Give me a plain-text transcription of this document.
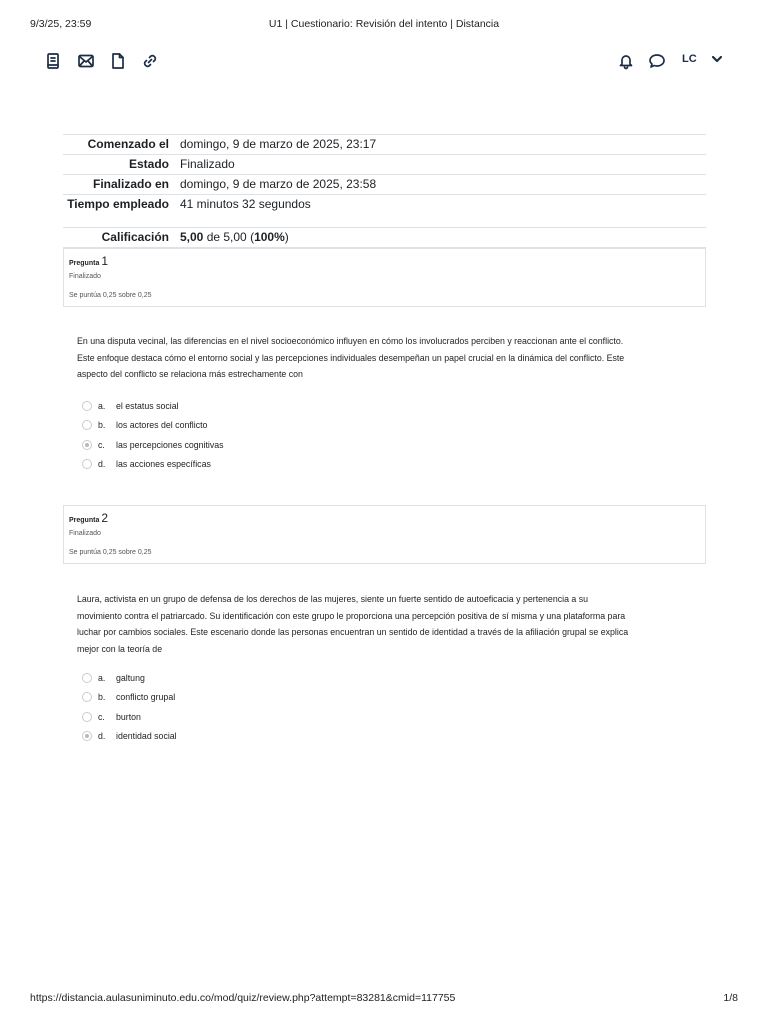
9/3/25, 23:59	U1 | Cuestionario: Revisión del intento | Distancia
LC
Comenzado el	domingo, 9 de marzo de 2025, 23:17
Estado	Finalizado
Finalizado en	domingo, 9 de marzo de 2025, 23:58
Tiempo empleado	41 minutos 32 segundos
Calificación	5,00 de 5,00 (100%)
Pregunta 1
Finalizado
Se puntúa 0,25 sobre 0,25
En una disputa vecinal, las diferencias en el nivel socioeconómico influyen en cómo los involucrados perciben y reaccionan ante el conflicto.
Este enfoque destaca cómo el entorno social y las percepciones individuales desempeñan un papel crucial en la dinámica del conflicto. Este
aspecto del conflicto se relaciona más estrechamente con
a.	el estatus social
b.	los actores del conflicto
c.	las percepciones cognitivas
d.	las acciones específicas
Pregunta 2
Finalizado
Se puntúa 0,25 sobre 0,25
Laura, activista en un grupo de defensa de los derechos de las mujeres, siente un fuerte sentido de autoeficacia y pertenencia a su
movimiento contra el patriarcado. Su identificación con este grupo le proporciona una percepción positiva de sí misma y una plataforma para
luchar por cambios sociales. Este escenario donde las personas encuentran un sentido de identidad a través de la afiliación grupal se explica
mejor con la teoría de
a.	galtung
b.	conflicto grupal
c.	burton
d.	identidad social
https://distancia.aulasuniminuto.edu.co/mod/quiz/review.php?attempt=83281&cmid=117755	1/8
